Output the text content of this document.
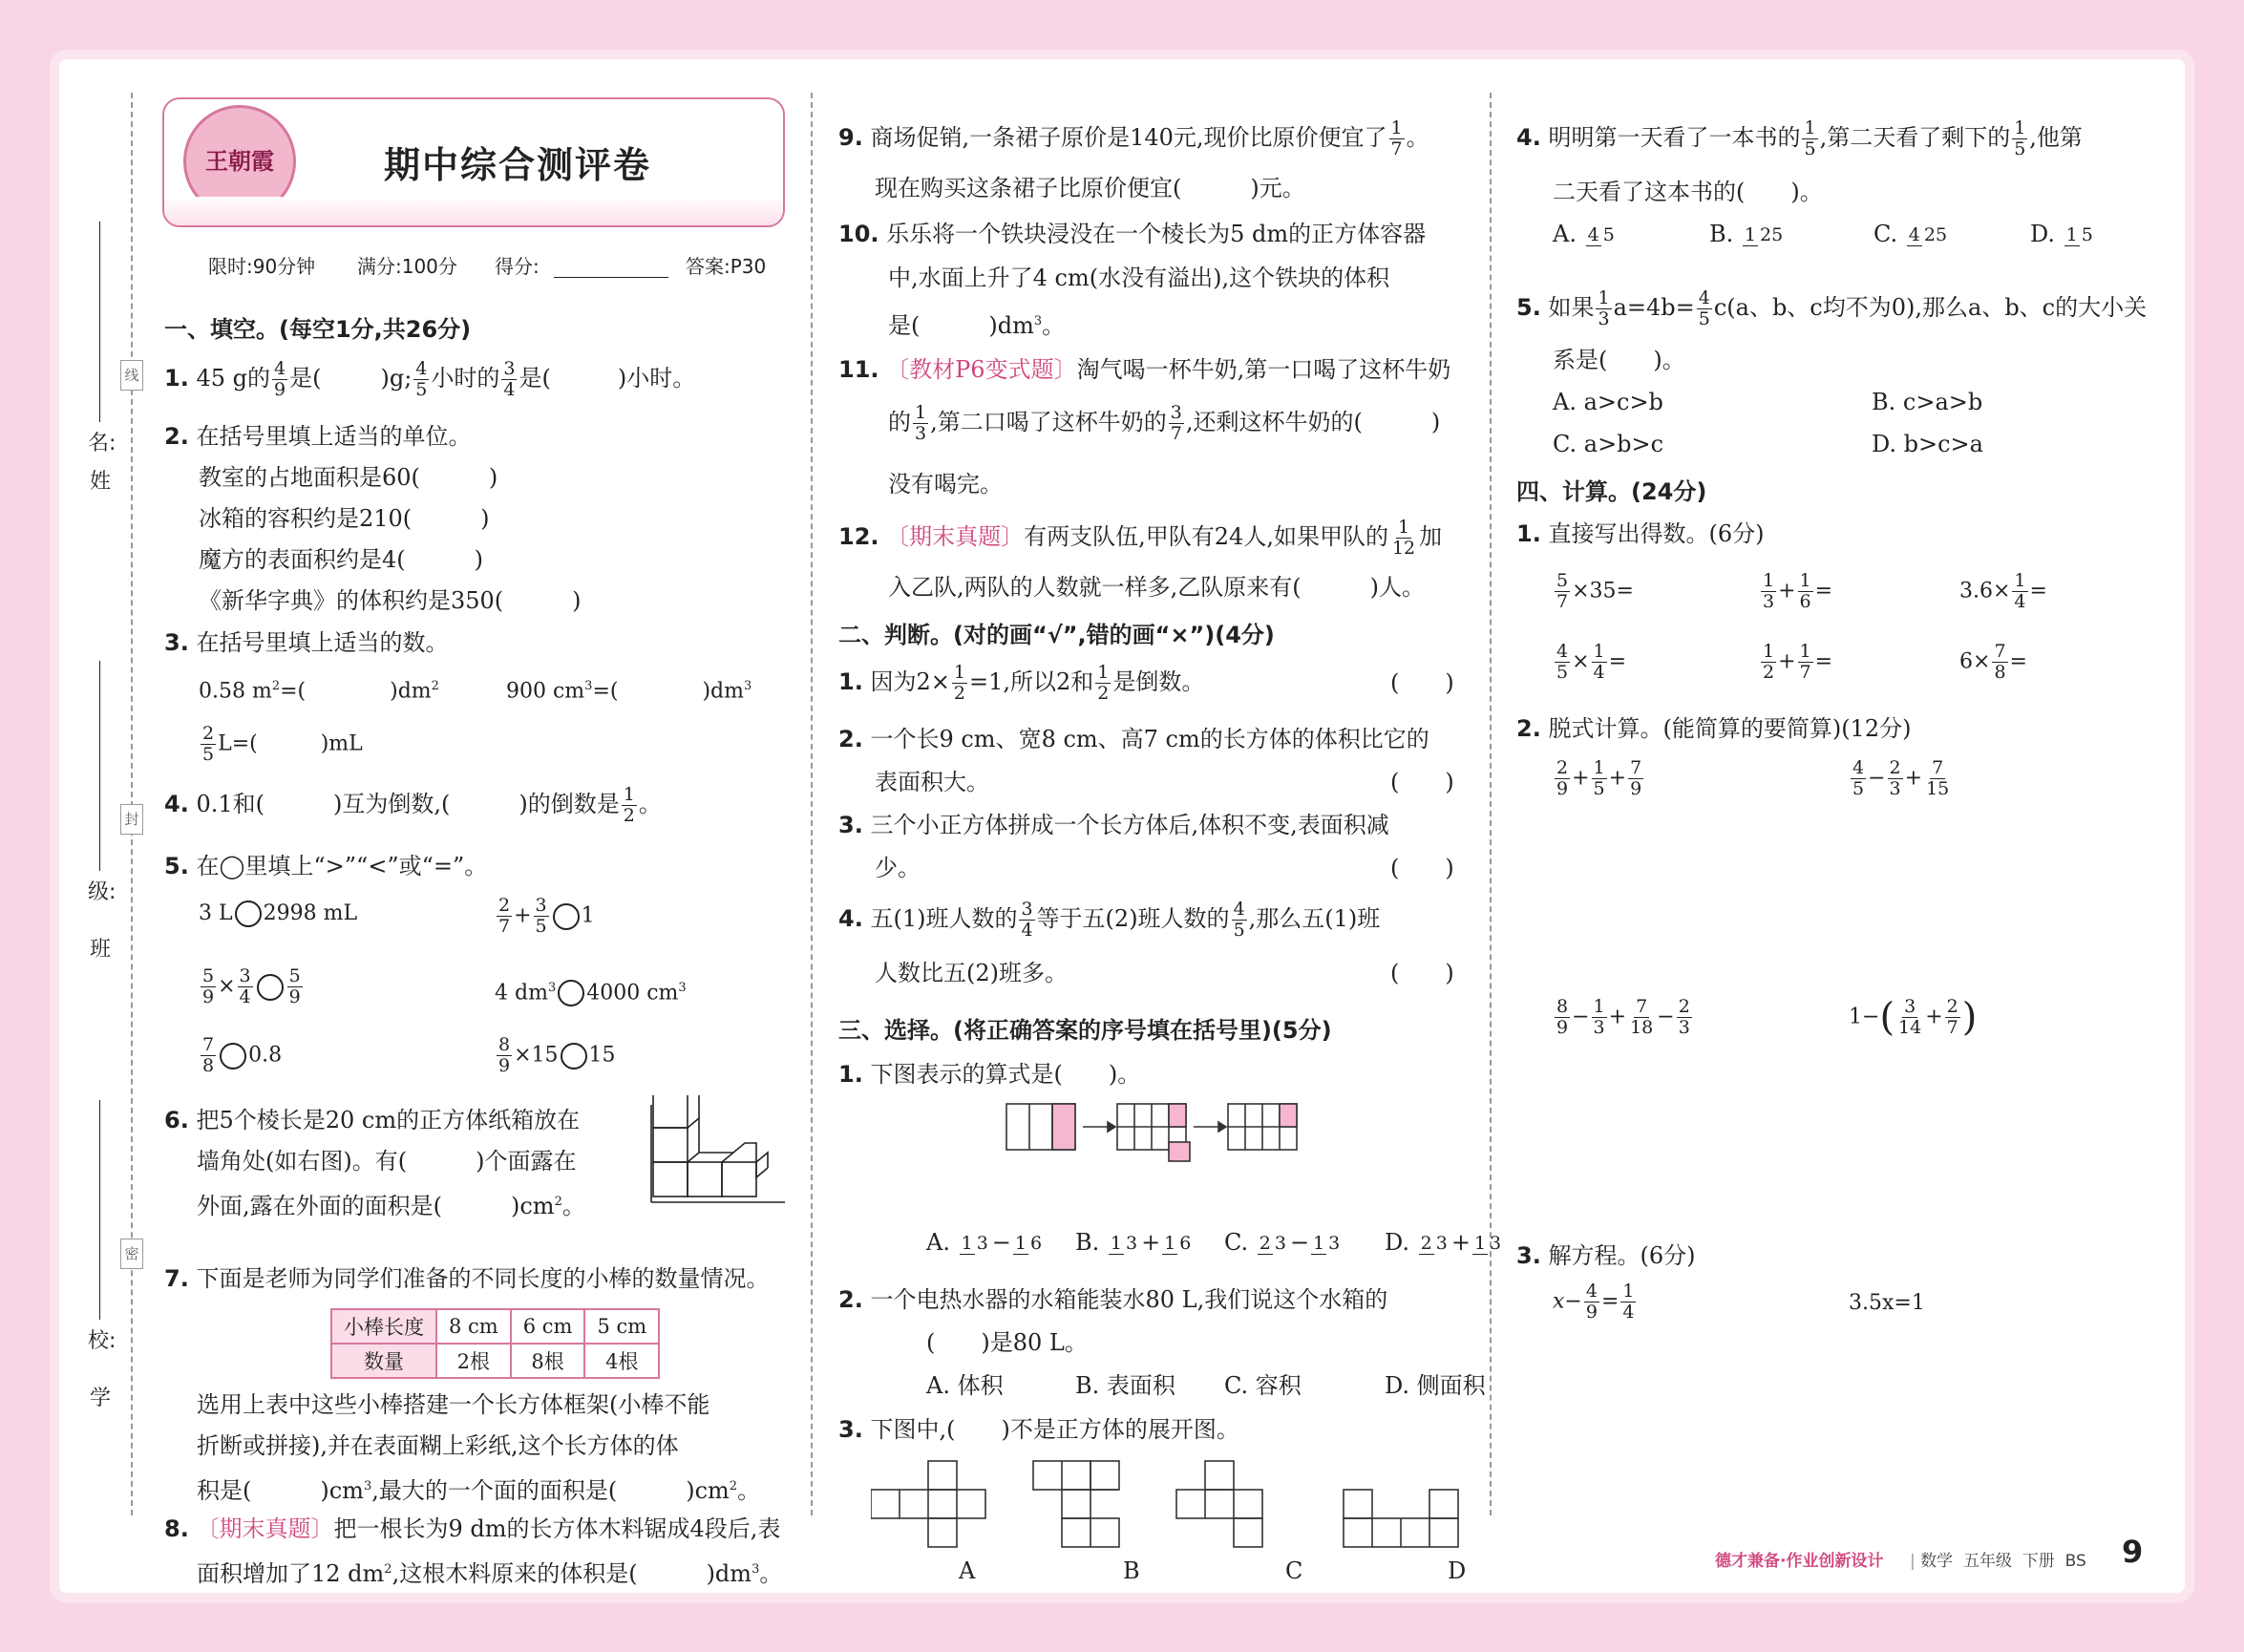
线
封
密
姓
名:
班
级:
学
校:
王朝霞	期中综合测评卷
限时:90分钟 满分:100分 得分:	答案:P30
一、填空。(每空1分,共26分)
1. 45 g的 $\frac{4}{9}$ 是(	)g; $\frac{4}{5}$ 小时的 $\frac{3}{4}$ 是(	)小时。
2. 在括号里填上适当的单位。
教室的占地面积是60(　　　)
冰箱的容积约是210(　　　)
魔方的表面积约是4(　　　)
《新华字典》的体积约是350(　　　)
3. 在括号里填上适当的数。
0.58 $m^2=$(　　　　)$dm^2$	900 $cm^3=$(　　　　)$dm^3$
$\frac{2}{5} L=$(　　　)mL
4. 0.1和(　　　)互为倒数,(　　　)的倒数是 $\frac{1}{2}$ 。
5. 在◯里填上“>”“<”或“=”。
3 L 2998 mL	$\frac{2}{7} + \frac{3}{5} 1$
$\frac{5}{9} \times \frac{3}{4} \frac{5}{9}$	4 $dm^3$ 4000 $cm^3$
$\frac{7}{8} 0.8$	$\frac{8}{9} \times 15$ 15
6. 把5个棱长是20 cm的正方体纸箱放在
墙角处(如右图)。有(　　　)个面露在
外面,露在外面的面积是(　　　)$cm^2$。
7. 下面是老师为同学们准备的不同长度的小棒的数量情况。
小棒长度	8 cm	6 cm	5 cm
数量	2根	8根	4根
选用上表中这些小棒搭建一个长方体框架(小棒不能
折断或拼接),并在表面糊上彩纸,这个长方体的体
积是(　　　)$cm^3$,最大的一个面的面积是(　　　)$cm^2$。
8. 〔期末真题〕把一根长为9 dm的长方体木料锯成4段后,表
面积增加了12 $dm^2$,这根木料原来的体积是(　　　)$dm^3$。
9. 商场促销,一条裙子原价是140元,现价比原价便宜了 $\frac{1}{7}$ 。
现在购买这条裙子比原价便宜(　　　)元。
10. 乐乐将一个铁块浸没在一个棱长为5 dm的正方体容器
中,水面上升了4 cm(水没有溢出),这个铁块的体积
是(　　　)$dm^3$。
11. 〔教材P6变式题〕淘气喝一杯牛奶,第一口喝了这杯牛奶
的 $\frac{1}{3}$ ,第二口喝了这杯牛奶的 $\frac{3}{7}$ ,还剩这杯牛奶的(　　　)
没有喝完。
12. 〔期末真题〕有两支队伍,甲队有24人,如果甲队的 $\frac{1}{12}$ 加
入乙队,两队的人数就一样多,乙队原来有(　　　)人。
二、判断。(对的画“√”,错的画“×”)(4分)
1. 因为$2\times \frac{1}{2} =1$,所以2和 $\frac{1}{2}$ 是倒数。	(　　)
2. 一个长9 cm、宽8 cm、高7 cm的长方体的体积比它的
表面积大。	(　　)
3. 三个小正方体拼成一个长方体后,体积不变,表面积减
少。	(　　)
4. 五(1)班人数的 $\frac{3}{4}$ 等于五(2)班人数的 $\frac{4}{5}$ ,那么五(1)班
人数比五(2)班多。	(　　)
三、选择。(将正确答案的序号填在括号里)(5分)
1. 下图表示的算式是(　　)。
A. 1 3 − 1 6 B. 1 3 + 1 6 C. 2 3 − 1 3 D. 2 3 + 1 3
2. 一个电热水器的水箱能装水80 L,我们说这个水箱的
(　　)是80 L。
A. 体积	B. 表面积 C. 容积	D. 侧面积
3. 下图中,(　　)不是正方体的展开图。
A	B	C	D
4. 明明第一天看了一本书的 $\frac{1}{5}$ ,第二天看了剩下的 $\frac{1}{5}$ ,他第
二天看了这本书的(　　)。
A. 4 5	B. 1 25	C. 4 25	D. 1 5
5. 如果 $\frac{1}{3} a=4b= \frac{4}{5} c(a$、b、c均不为0),那么a、b、c的大小关
系是(　　)。
A. a>c>b	B. c>a>b
C. a>b>c	D. b>c>a
四、计算。(24分)
1. 直接写出得数。(6分)
$\frac{5}{7} \times 35=$	$\frac{1}{3} + \frac{1}{6}$ =	$3.6\times \frac{1}{4}$ =
$\frac{4}{5} \times \frac{1}{4}$ =	$\frac{1}{2} + \frac{1}{7}$ =	$6\times \frac{7}{8}$ =
2. 脱式计算。(能简算的要简算)(12分)
$\frac{2}{9} + \frac{1}{5} + \frac{7}{9}$	$\frac{4}{5} - \frac{2}{3} + \frac{7}{15}$
$\frac{8}{9} - \frac{1}{3} + \frac{7}{18} - \frac{2}{3}$	$1-( \frac{3}{14} + \frac{2}{7}$ )
3. 解方程。(6分)
$x- \frac{4}{9} = \frac{1}{4}$	3.5x=1
德才兼备·作业创新设计 | 数学 五年级 下册 BS 9
